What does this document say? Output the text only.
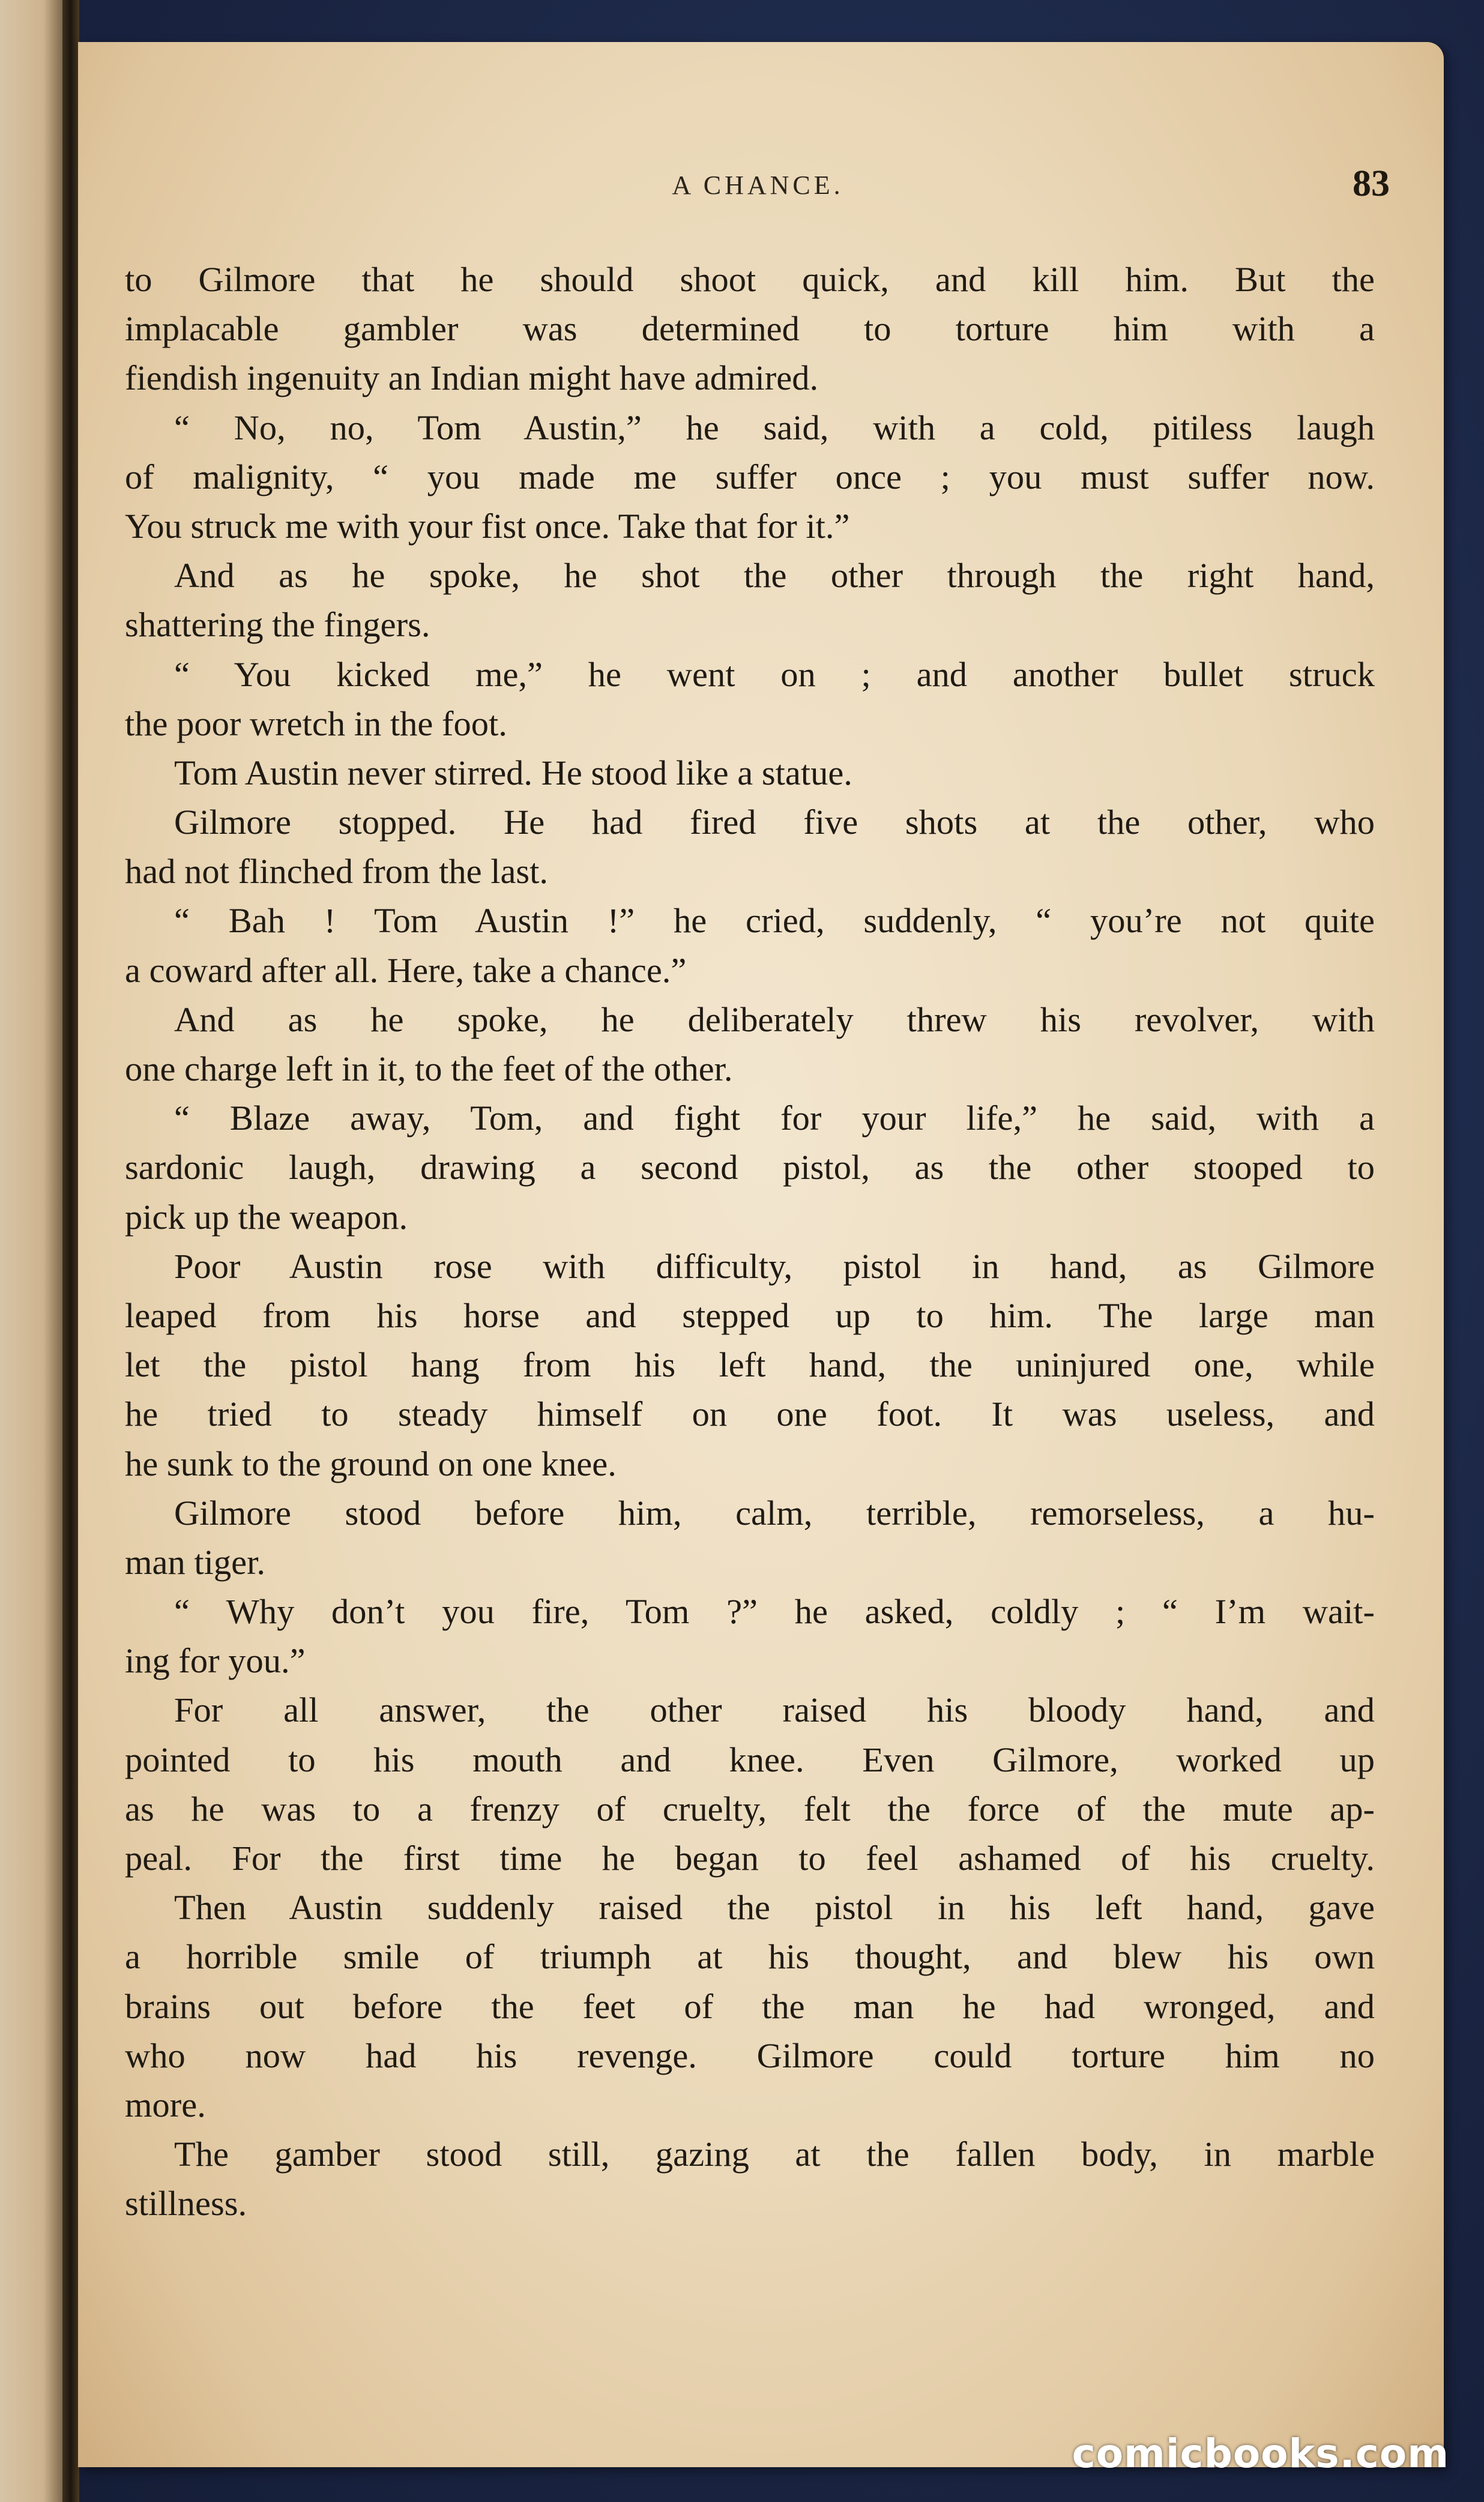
A CHANCE.	83
to Gilmore that he should shoot quick, and kill him. But the
implacable gambler was determined to torture him with a
fiendish ingenuity an Indian might have admired.
“ No, no, Tom Austin,” he said, with a cold, pitiless laugh
of malignity, “ you made me suffer once ; you must suffer now.
You struck me with your fist once. Take that for it.”
And as he spoke, he shot the other through the right hand,
shattering the fingers.
“ You kicked me,” he went on ; and another bullet struck
the poor wretch in the foot.
Tom Austin never stirred. He stood like a statue.
Gilmore stopped. He had fired five shots at the other, who
had not flinched from the last.
“ Bah ! Tom Austin !” he cried, suddenly, “ you’re not quite
a coward after all. Here, take a chance.”
And as he spoke, he deliberately threw his revolver, with
one charge left in it, to the feet of the other.
“ Blaze away, Tom, and fight for your life,” he said, with a
sardonic laugh, drawing a second pistol, as the other stooped to
pick up the weapon.
Poor Austin rose with difficulty, pistol in hand, as Gilmore
leaped from his horse and stepped up to him. The large man
let the pistol hang from his left hand, the uninjured one, while
he tried to steady himself on one foot. It was useless, and
he sunk to the ground on one knee.
Gilmore stood before him, calm, terrible, remorseless, a hu-
man tiger.
“ Why don’t you fire, Tom ?” he asked, coldly ; “ I’m wait-
ing for you.”
For all answer, the other raised his bloody hand, and
pointed to his mouth and knee. Even Gilmore, worked up
as he was to a frenzy of cruelty, felt the force of the mute ap-
peal. For the first time he began to feel ashamed of his cruelty.
Then Austin suddenly raised the pistol in his left hand, gave
a horrible smile of triumph at his thought, and blew his own
brains out before the feet of the man he had wronged, and
who now had his revenge. Gilmore could torture him no
more.
The gamber stood still, gazing at the fallen body, in marble
stillness.
comicbooks.com
